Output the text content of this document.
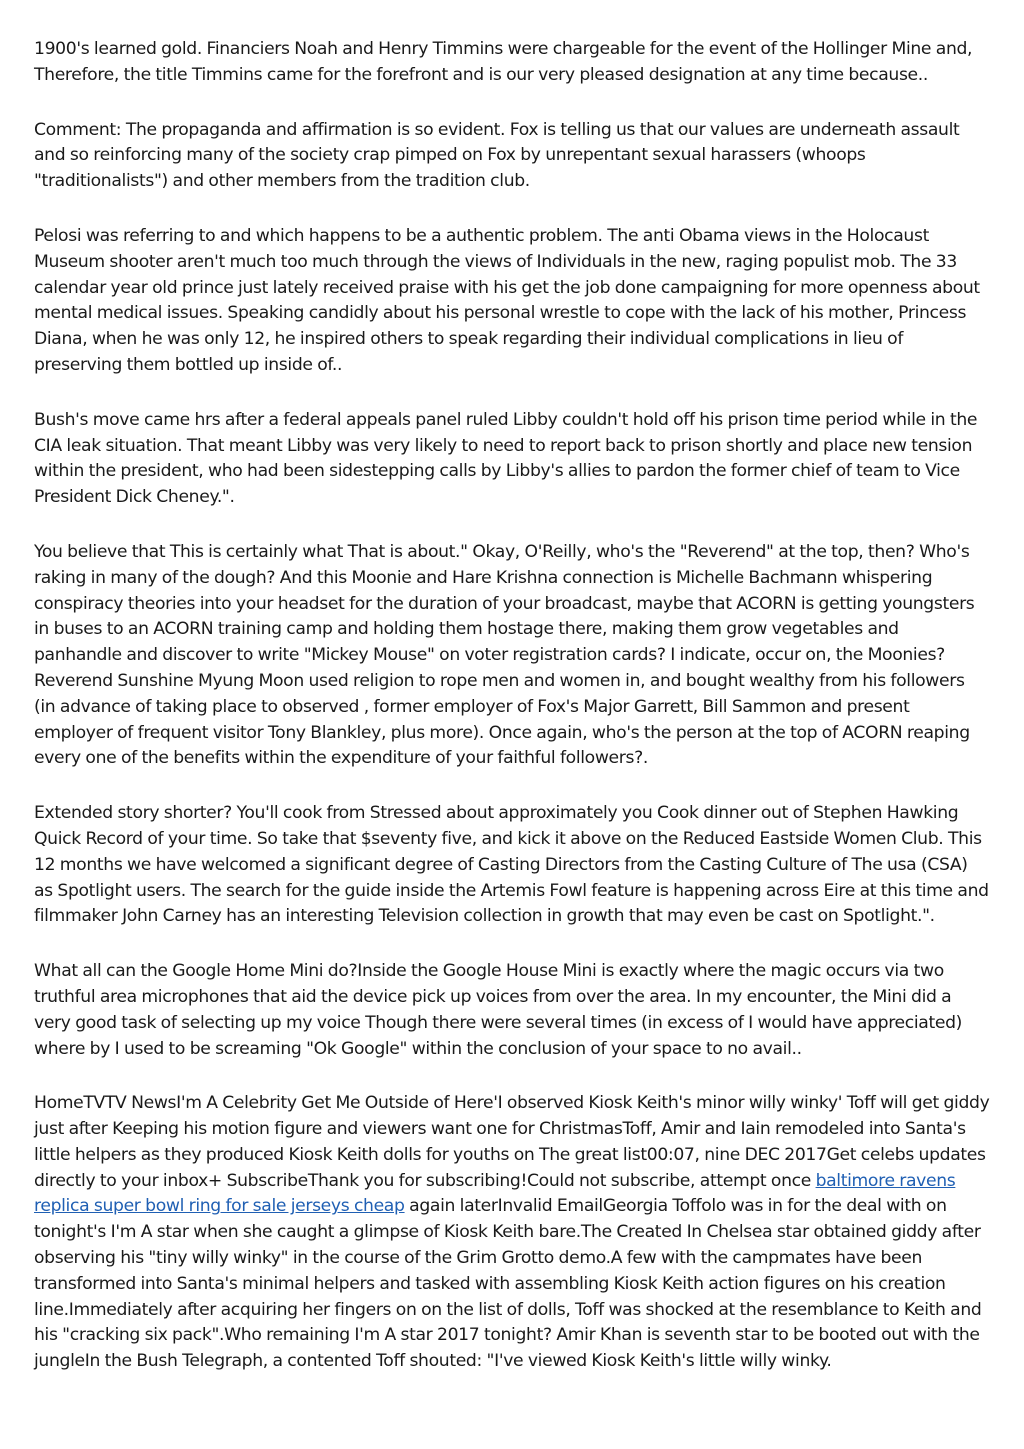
1900's learned gold. Financiers Noah and Henry Timmins were chargeable for the event of the Hollinger Mine and, Therefore, the title Timmins came for the forefront and is our very pleased designation at any time because..

Comment: The propaganda and affirmation is so evident. Fox is telling us that our values are underneath assault and so reinforcing many of the society crap pimped on Fox by unrepentant sexual harassers (whoops "traditionalists") and other members from the tradition club.

Pelosi was referring to and which happens to be a authentic problem. The anti Obama views in the Holocaust Museum shooter aren't much too much through the views of Individuals in the new, raging populist mob. The 33 calendar year old prince just lately received praise with his get the job done campaigning for more openness about mental medical issues. Speaking candidly about his personal wrestle to cope with the lack of his mother, Princess Diana, when he was only 12, he inspired others to speak regarding their individual complications in lieu of preserving them bottled up inside of..

Bush's move came hrs after a federal appeals panel ruled Libby couldn't hold off his prison time period while in the CIA leak situation. That meant Libby was very likely to need to report back to prison shortly and place new tension within the president, who had been sidestepping calls by Libby's allies to pardon the former chief of team to Vice President Dick Cheney.".

You believe that This is certainly what That is about." Okay, O'Reilly, who's the "Reverend" at the top, then? Who's raking in many of the dough? And this Moonie and Hare Krishna connection is Michelle Bachmann whispering conspiracy theories into your headset for the duration of your broadcast, maybe that ACORN is getting youngsters in buses to an ACORN training camp and holding them hostage there, making them grow vegetables and panhandle and discover to write "Mickey Mouse" on voter registration cards? I indicate, occur on, the Moonies? Reverend Sunshine Myung Moon used religion to rope men and women in, and bought wealthy from his followers (in advance of taking place to observed , former employer of Fox's Major Garrett, Bill Sammon and present employer of frequent visitor Tony Blankley, plus more). Once again, who's the person at the top of ACORN reaping every one of the benefits within the expenditure of your faithful followers?.

Extended story shorter? You'll cook from Stressed about approximately you Cook dinner out of Stephen Hawking Quick Record of your time. So take that $seventy five, and kick it above on the Reduced Eastside Women Club. This 12 months we have welcomed a significant degree of Casting Directors from the Casting Culture of The usa (CSA) as Spotlight users. The search for the guide inside the Artemis Fowl feature is happening across Eire at this time and filmmaker John Carney has an interesting Television collection in growth that may even be cast on Spotlight.".

What all can the Google Home Mini do?Inside the Google House Mini is exactly where the magic occurs via two truthful area microphones that aid the device pick up voices from over the area. In my encounter, the Mini did a very good task of selecting up my voice Though there were several times (in excess of I would have appreciated) where by I used to be screaming "Ok Google" within the conclusion of your space to no avail..

HomeTVTV NewsI'm A Celebrity Get Me Outside of Here'I observed Kiosk Keith's minor willy winky' Toff will get giddy just after Keeping his motion figure and viewers want one for ChristmasToff, Amir and Iain remodeled into Santa's little helpers as they produced Kiosk Keith dolls for youths on The great list00:07, nine DEC 2017Get celebs updates directly to your inbox+ SubscribeThank you for subscribing!Could not subscribe, attempt once baltimore ravens replica super bowl ring for sale jerseys cheap again laterInvalid EmailGeorgia Toffolo was in for the deal with on tonight's I'm A star when she caught a glimpse of Kiosk Keith bare.The Created In Chelsea star obtained giddy after observing his "tiny willy winky" in the course of the Grim Grotto demo.A few with the campmates have been transformed into Santa's minimal helpers and tasked with assembling Kiosk Keith action figures on his creation line.Immediately after acquiring her fingers on on the list of dolls, Toff was shocked at the resemblance to Keith and his "cracking six pack".Who remaining I'm A star 2017 tonight? Amir Khan is seventh star to be booted out with the jungleIn the Bush Telegraph, a contented Toff shouted: "I've viewed Kiosk Keith's little willy winky.
